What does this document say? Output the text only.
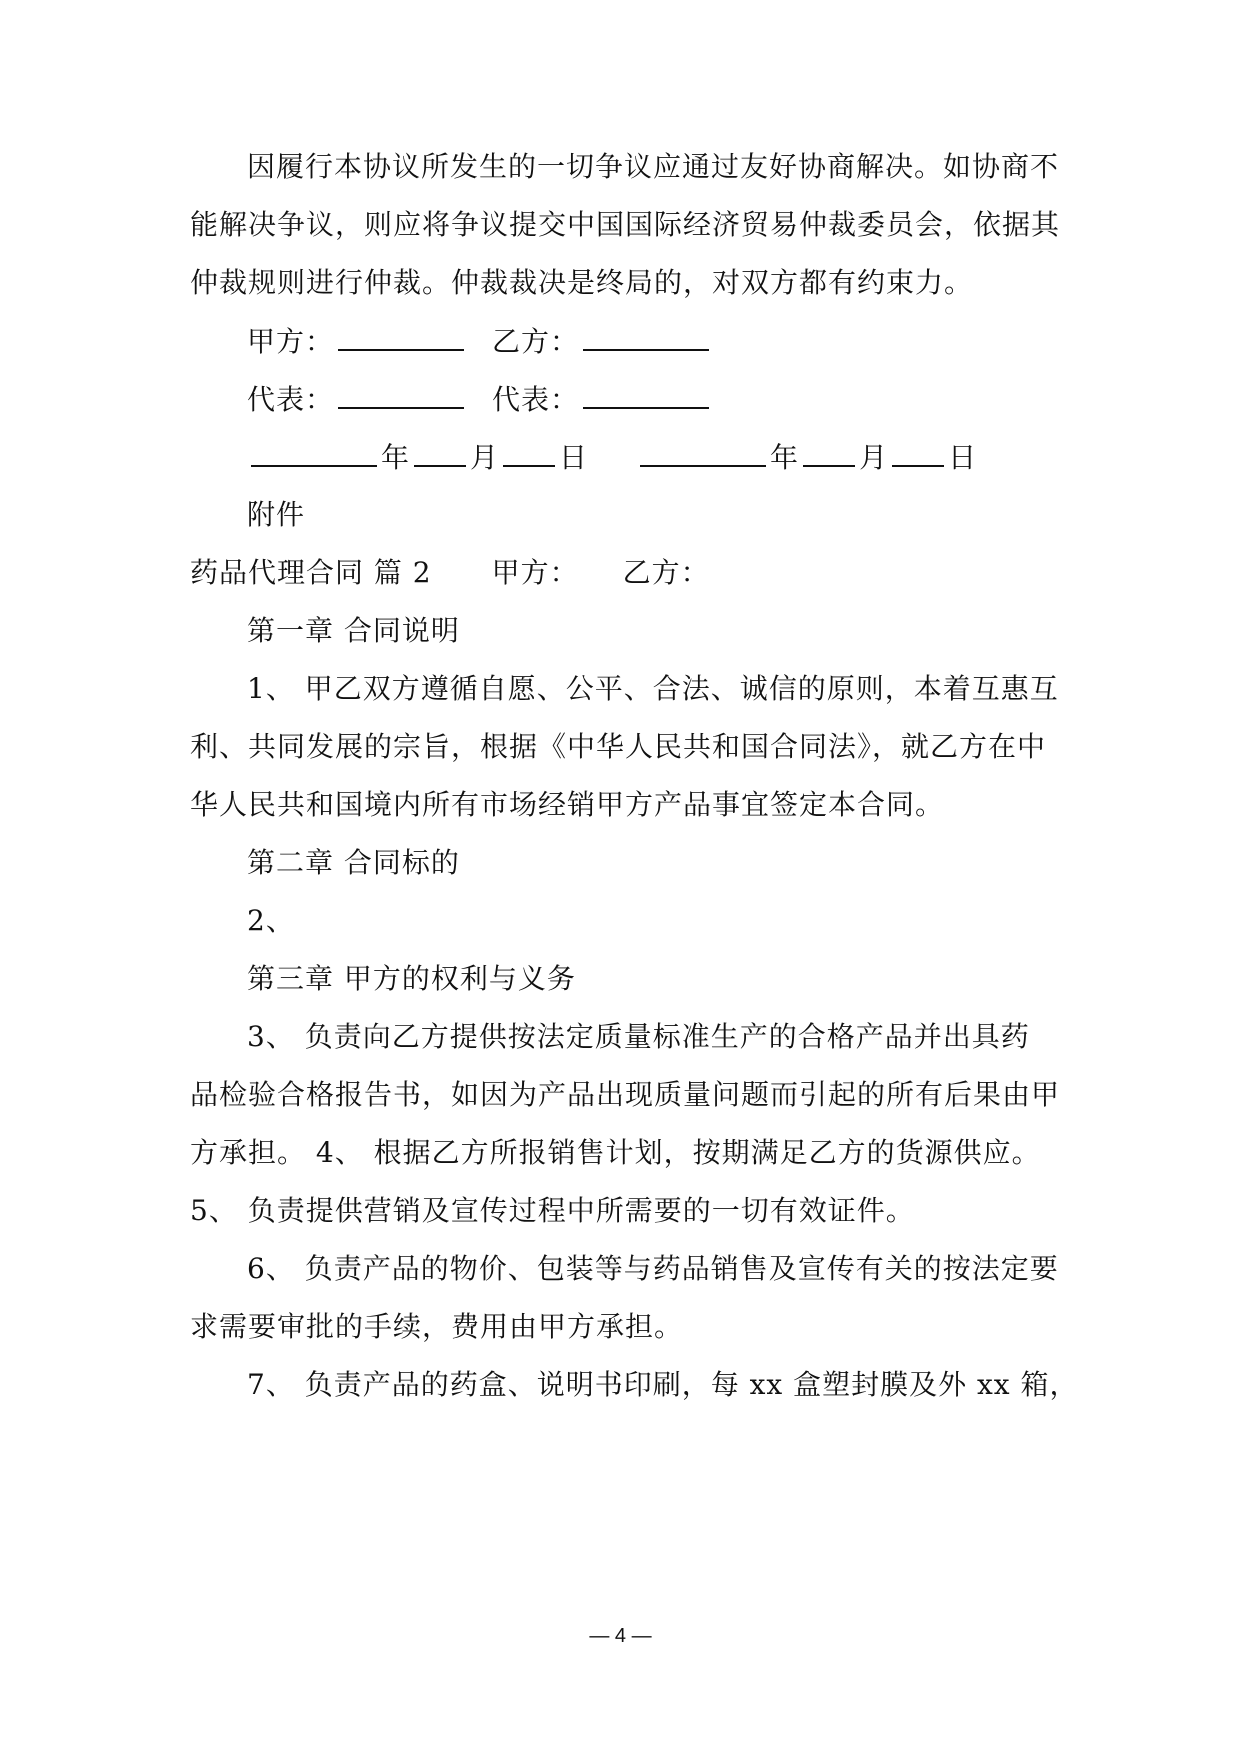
因履行本协议所发生的一切争议应通过友好协商解决。如协商不
能解决争议，则应将争议提交中国国际经济贸易仲裁委员会，依据其
仲裁规则进行仲裁。仲裁裁决是终局的，对双方都有约束力。
甲方：	乙方：
代表：	代表：
年 月 日	年 月 日
附件
药品代理合同 篇 2 甲方： 乙方：
第一章 合同说明
1、 甲乙双方遵循自愿、公平、合法、诚信的原则，本着互惠互
利、共同发展的宗旨，根据《中华人民共和国合同法》，就乙方在中
华人民共和国境内所有市场经销甲方产品事宜签定本合同。
第二章 合同标的
2、
第三章 甲方的权利与义务
3、 负责向乙方提供按法定质量标准生产的合格产品并出具药
品检验合格报告书，如因为产品出现质量问题而引起的所有后果由甲
方承担。 4、 根据乙方所报销售计划，按期满足乙方的货源供应。
5、 负责提供营销及宣传过程中所需要的一切有效证件。
6、 负责产品的物价、包装等与药品销售及宣传有关的按法定要
求需要审批的手续，费用由甲方承担。
7、 负责产品的药盒、说明书印刷，每 xx 盒塑封膜及外 xx 箱，
— 4 —
